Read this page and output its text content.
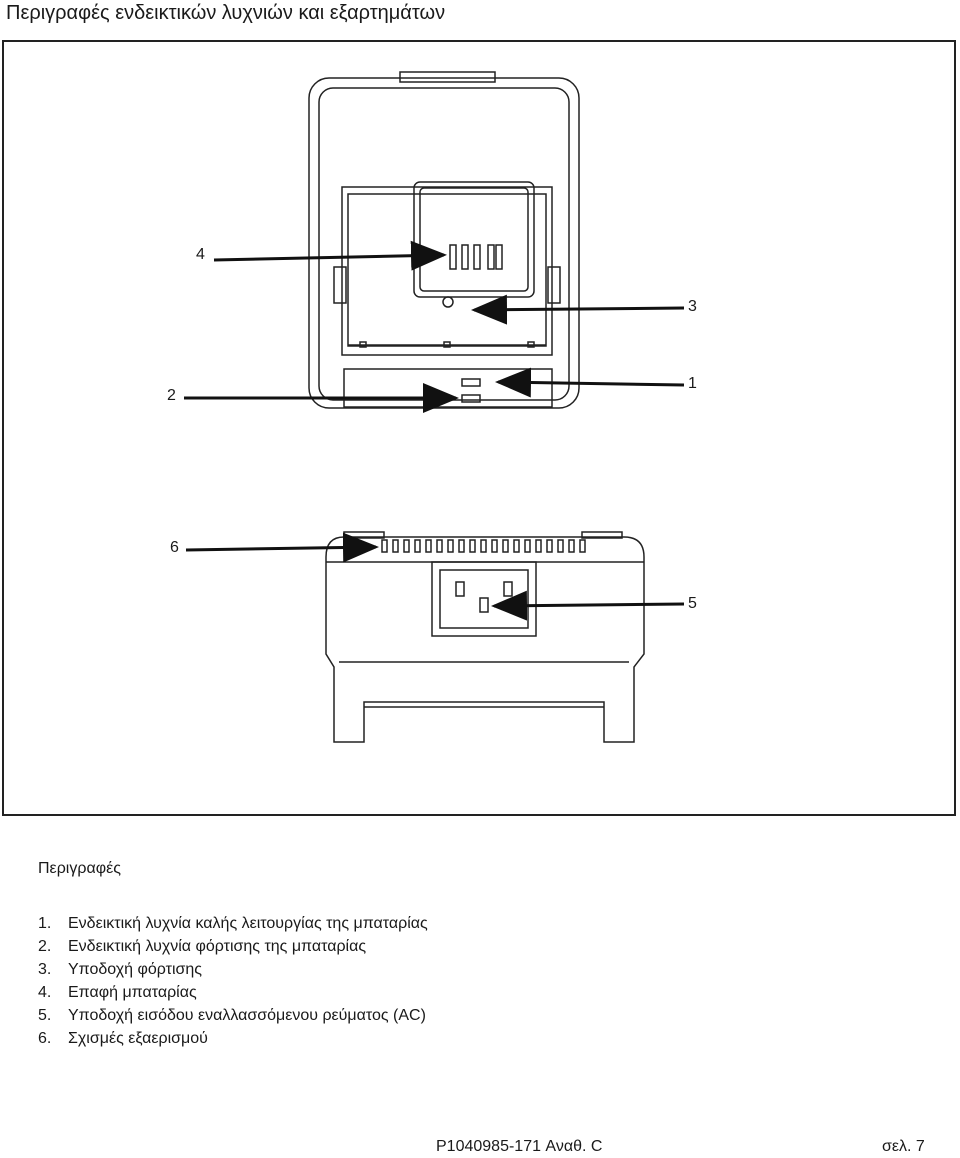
Περιγραφές ενδεικτικών λυχνιών και εξαρτημάτων
4
3
1
2
6
5
Περιγραφές
1.	Ενδεικτική λυχνία καλής λειτουργίας της μπαταρίας
2.	Ενδεικτική λυχνία φόρτισης της μπαταρίας
3.	Υποδοχή φόρτισης
4.	Επαφή μπαταρίας
5.	Υποδοχή εισόδου εναλλασσόμενου ρεύματος (AC)
6.	Σχισμές εξαερισμού
P1040985-171 Αναθ. C	σελ. 7
